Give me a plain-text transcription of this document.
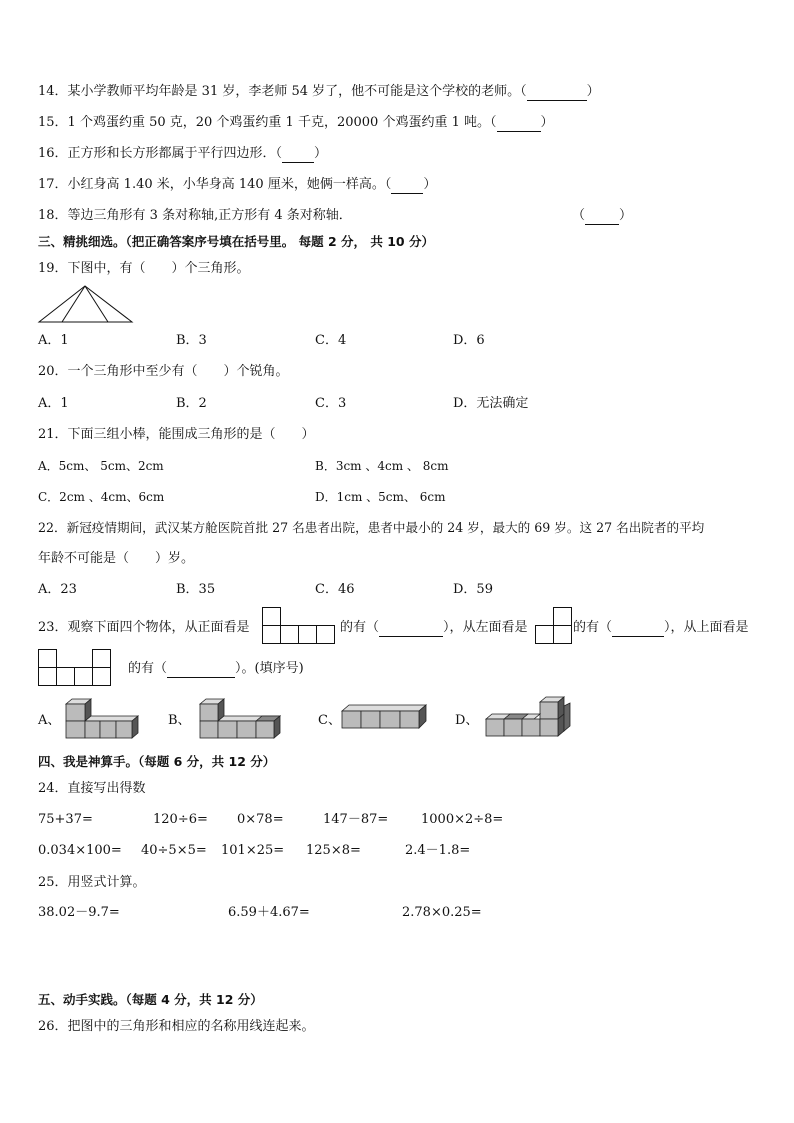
14．某小学教师平均年龄是 31 岁，李老师 54 岁了，他不可能是这个学校的老师。（	）
15．1 个鸡蛋约重 50 克，20 个鸡蛋约重 1 千克，20000 个鸡蛋约重 1 吨。（	）
16．正方形和长方形都属于平行四边形．（ ）
17．小红身高 1.40 米，小华身高 140 厘米，她俩一样高。（ ）
18．等边三角形有 3 条对称轴,正方形有 4 条对称轴．	（	）
三、精挑细选。（把正确答案序号填在括号里。 每题 2 分， 共 10 分）
19．下图中，有（　　）个三角形。
A．1	B．3	C．4	D．6
20．一个三角形中至少有（　　）个锐角。
A．1	B．2	C．3	D．无法确定
21．下面三组小棒，能围成三角形的是（　　）
A．5cm、 5cm、2cm	B．3cm 、4cm 、 8cm
C．2cm 、4cm、6cm	D．1cm 、5cm、 6cm
22．新冠疫情期间，武汉某方舱医院首批 27 名患者出院，患者中最小的 24 岁，最大的 69 岁。这 27 名出院者的平均
年龄不可能是（　　）岁。
A．23	B．35	C．46	D．59
23．观察下面四个物体，从正面看是	的有（	），从左面看是	的有（	），从上面看是
的有（	）。(填序号)
A、	B、	C、	D、
四、我是神算手。（每题 6 分，共 12 分）
24．直接写出得数
75+37=	120÷6= 0×78=	147－87=	1000×2÷8=
0.034×100= 40÷5×5= 101×25= 125×8=	2.4－1.8=
25．用竖式计算。
38.02－9.7=	6.59＋4.67=	2.78×0.25=
五、动手实践。（每题 4 分，共 12 分）
26．把图中的三角形和相应的名称用线连起来。
